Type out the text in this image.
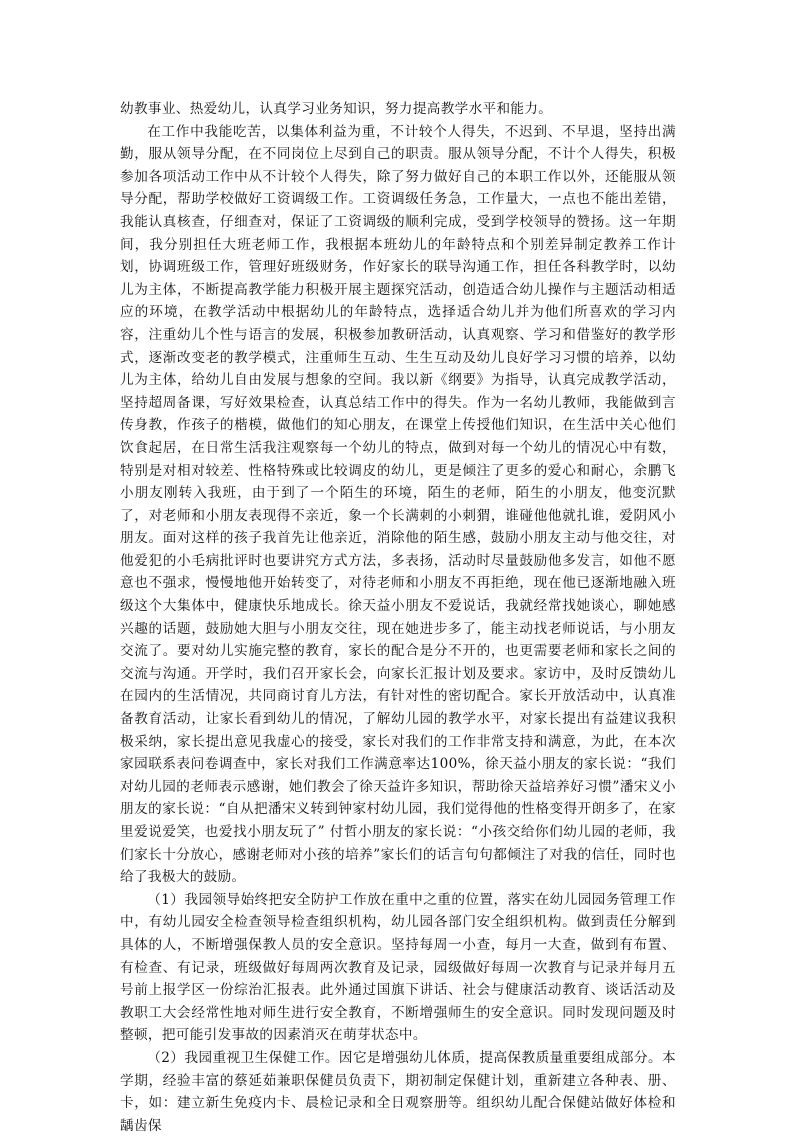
幼教事业、热爱幼儿，认真学习业务知识，努力提高教学水平和能力。

在工作中我能吃苦，以集体利益为重，不计较个人得失，不迟到、不早退，坚持出满勤，服从领导分配，在不同岗位上尽到自己的职责。服从领导分配，不计个人得失，积极参加各项活动工作中从不计较个人得失，除了努力做好自己的本职工作以外，还能服从领导分配，帮助学校做好工资调级工作。工资调级任务急，工作量大，一点也不能出差错，我能认真核查，仔细查对，保证了工资调级的顺利完成，受到学校领导的赞扬。这一年期间，我分别担任大班老师工作，我根据本班幼儿的年龄特点和个别差异制定教养工作计划，协调班级工作，管理好班级财务，作好家长的联导沟通工作，担任各科教学时，以幼儿为主体，不断提高教学能力积极开展主题探究活动，创造适合幼儿操作与主题活动相适应的环境，在教学活动中根据幼儿的年龄特点，选择适合幼儿并为他们所喜欢的学习内容，注重幼儿个性与语言的发展，积极参加教研活动，认真观察、学习和借鉴好的教学形式，逐渐改变老的教学模式，注重师生互动、生生互动及幼儿良好学习习惯的培养，以幼儿为主体，给幼儿自由发展与想象的空间。我以新《纲要》为指导，认真完成教学活动，坚持超周备课，写好效果检查，认真总结工作中的得失。作为一名幼儿教师，我能做到言传身教，作孩子的楷模，做他们的知心朋友，在课堂上传授他们知识，在生活中关心他们饮食起居，在日常生活我注观察每一个幼儿的特点，做到对每一个幼儿的情况心中有数，特别是对相对较差、性格特殊或比较调皮的幼儿，更是倾注了更多的爱心和耐心，余鹏飞小朋友刚转入我班，由于到了一个陌生的环境，陌生的老师，陌生的小朋友，他变沉默了，对老师和小朋友表现得不亲近，象一个长满刺的小刺猬，谁碰他他就扎谁，爱阴风小朋友。面对这样的孩子我首先让他亲近，消除他的陌生感，鼓励小朋友主动与他交往，对他爱犯的小毛病批评时也要讲究方式方法，多表扬，活动时尽量鼓励他多发言，如他不愿意也不强求，慢慢地他开始转变了，对待老师和小朋友不再拒绝，现在他已逐渐地融入班级这个大集体中，健康快乐地成长。徐天益小朋友不爱说话，我就经常找她谈心，聊她感兴趣的话题，鼓励她大胆与小朋友交往，现在她进步多了，能主动找老师说话，与小朋友交流了。要对幼儿实施完整的教育，家长的配合是分不开的，也更需要老师和家长之间的交流与沟通。开学时，我们召开家长会，向家长汇报计划及要求。家访中，及时反馈幼儿在园内的生活情况，共同商讨育儿方法，有针对性的密切配合。家长开放活动中，认真准备教育活动，让家长看到幼儿的情况，了解幼儿园的教学水平，对家长提出有益建议我积极采纳，家长提出意见我虚心的接受，家长对我们的工作非常支持和满意，为此，在本次家园联系表问卷调查中，家长对我们工作满意率达100%，徐天益小朋友的家长说：“我们对幼儿园的老师表示感谢，她们教会了徐天益许多知识，帮助徐天益培养好习惯”潘宋义小朋友的家长说：“自从把潘宋义转到钟家村幼儿园，我们觉得他的性格变得开朗多了，在家里爱说爱笑，也爱找小朋友玩了” 付哲小朋友的家长说：“小孩交给你们幼儿园的老师，我们家长十分放心，感谢老师对小孩的培养”家长们的话言句句都倾注了对我的信任，同时也给了我极大的鼓励。

（1）我园领导始终把安全防护工作放在重中之重的位置，落实在幼儿园园务管理工作中，有幼儿园安全检查领导检查组织机构，幼儿园各部门安全组织机构。做到责任分解到具体的人，不断增强保教人员的安全意识。坚持每周一小查，每月一大查，做到有布置、有检查、有记录，班级做好每周两次教育及记录，园级做好每周一次教育与记录并每月五号前上报学区一份综治汇报表。此外通过国旗下讲话、社会与健康活动教育、谈话活动及教职工大会经常性地对师生进行安全教育，不断增强师生的安全意识。同时发现问题及时整顿，把可能引发事故的因素消灭在萌芽状态中。

（2）我园重视卫生保健工作。因它是增强幼儿体质，提高保教质量重要组成部分。本学期，经验丰富的蔡延茹兼职保健员负责下，期初制定保健计划，重新建立各种表、册、卡，如：建立新生免疫内卡、晨检记录和全日观察册等。组织幼儿配合保健站做好体检和龋齿保
